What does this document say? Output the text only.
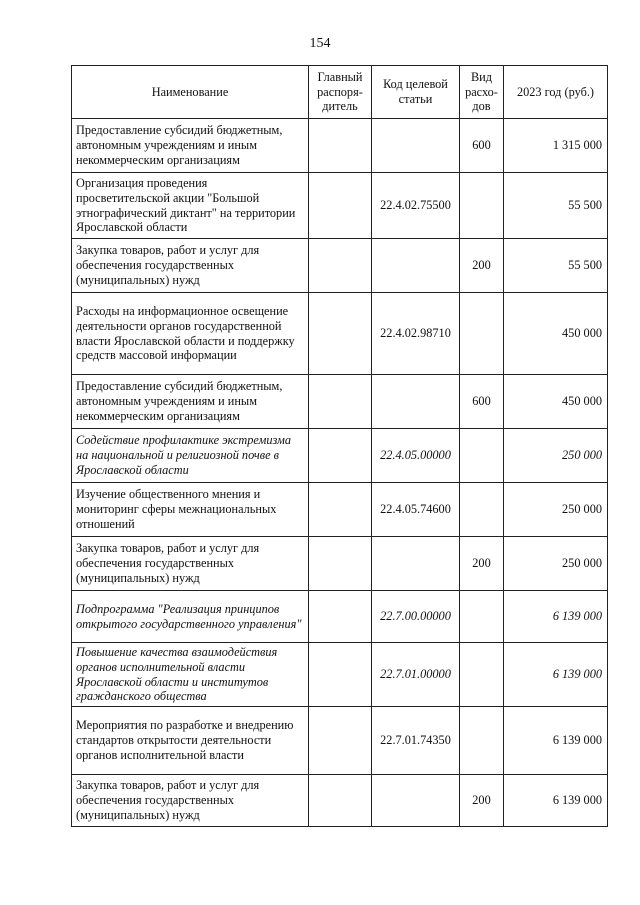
154
Наименование	Главный распоря-дитель	Код целевой статьи	Вид расхо-дов	2023 год (руб.)
Предоставление субсидий бюджетным, автономным учреждениям и иным некоммерческим организациям			600	1 315 000
Организация проведения просветительской акции "Большой этнографический диктант" на территории Ярославской области		22.4.02.75500		55 500
Закупка товаров, работ и услуг для обеспечения государственных (муниципальных) нужд			200	55 500
Расходы на информационное освещение деятельности органов государственной власти Ярославской области и поддержку средств массовой информации		22.4.02.98710		450 000
Предоставление субсидий бюджетным, автономным учреждениям и иным некоммерческим организациям			600	450 000
Содействие профилактике экстремизма на национальной и религиозной почве в Ярославской области		22.4.05.00000		250 000
Изучение общественного мнения и мониторинг сферы межнациональных отношений		22.4.05.74600		250 000
Закупка товаров, работ и услуг для обеспечения государственных (муниципальных) нужд			200	250 000
Подпрограмма "Реализация принципов открытого государственного управления"		22.7.00.00000		6 139 000
Повышение качества взаимодействия органов исполнительной власти Ярославской области и институтов гражданского общества		22.7.01.00000		6 139 000
Мероприятия по разработке и внедрению стандартов открытости деятельности органов исполнительной власти		22.7.01.74350		6 139 000
Закупка товаров, работ и услуг для обеспечения государственных (муниципальных) нужд			200	6 139 000
